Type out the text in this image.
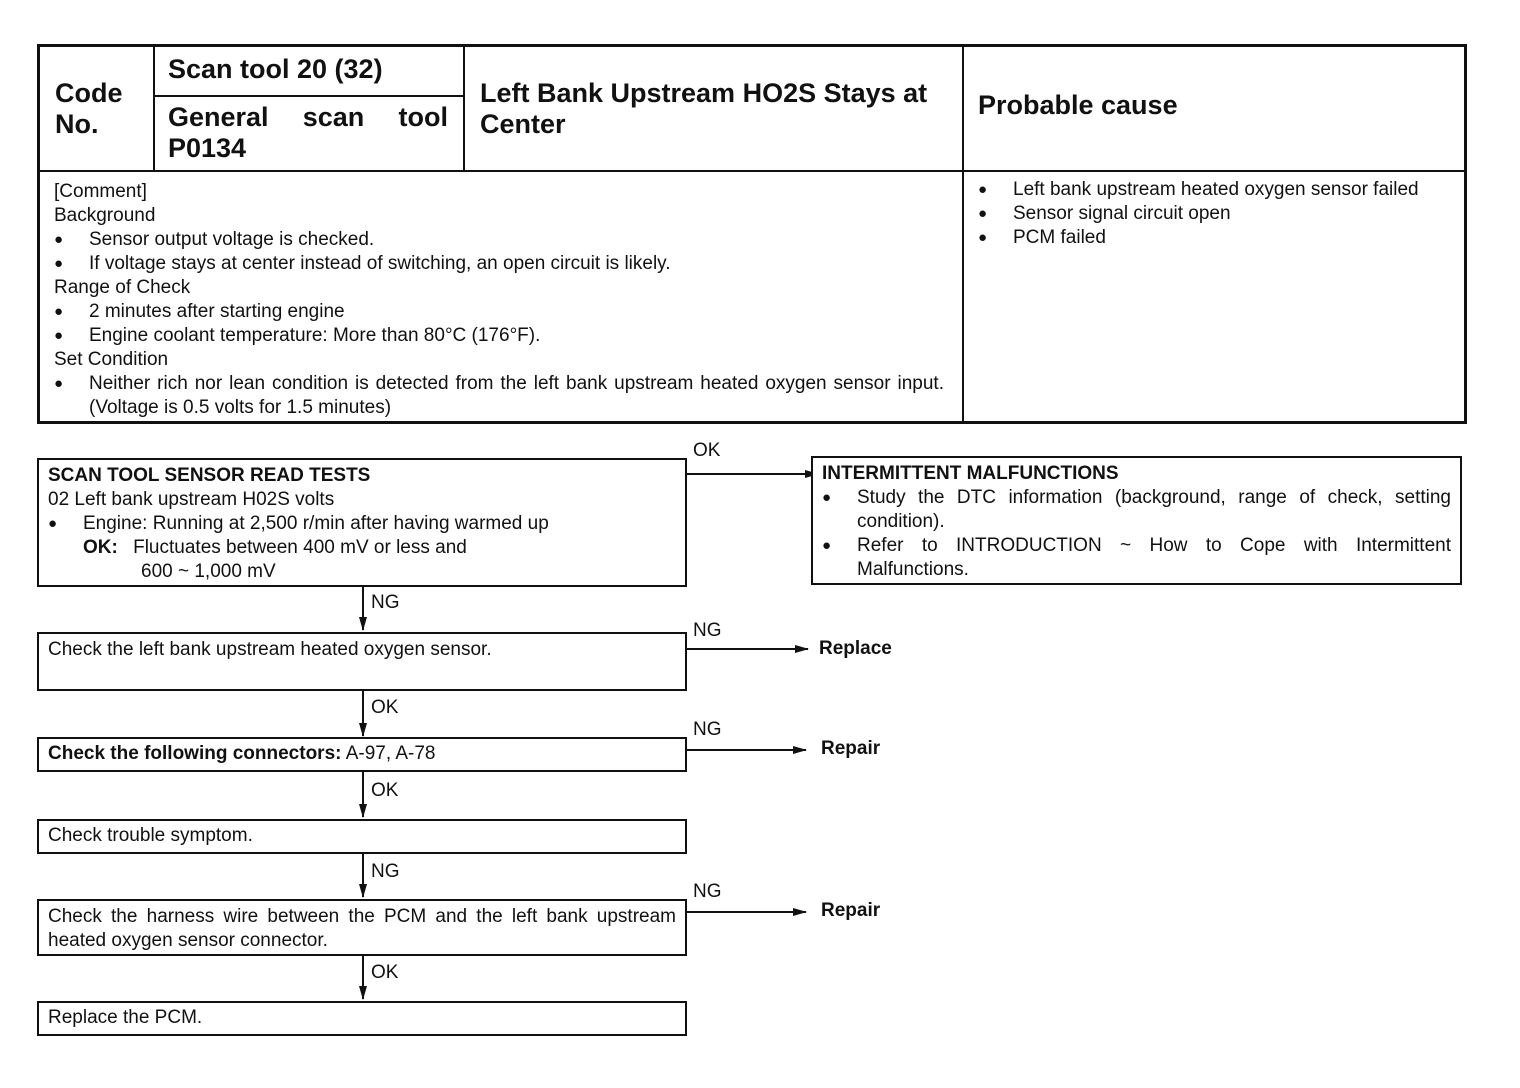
Code No.
Scan tool 20 (32)
General scan tool
P0134
Left Bank Upstream HO2S Stays at Center
Probable cause
[Comment]
Background
● Sensor output voltage is checked.
● If voltage stays at center instead of switching, an open circuit is likely.
Range of Check
● 2 minutes after starting engine
● Engine coolant temperature: More than 80°C (176°F).
Set Condition
● Neither rich nor lean condition is detected from the left bank upstream heated oxygen sensor input. (Voltage is 0.5 volts for 1.5 minutes)
● Left bank upstream heated oxygen sensor failed
● Sensor signal circuit open
● PCM failed
OK
NG
NG
OK
NG
OK
NG
NG
OK
SCAN TOOL SENSOR READ TESTS
02 Left bank upstream H02S volts
● Engine: Running at 2,500 r/min after having warmed up
OK: Fluctuates between 400 mV or less and
600 ~ 1,000 mV
INTERMITTENT MALFUNCTIONS
● Study the DTC information (background, range of check, setting condition).
● Refer to INTRODUCTION ~ How to Cope with Intermittent Malfunctions.
Check the left bank upstream heated oxygen sensor.	Replace
Check the following connectors: A-97, A-78	Repair
Check trouble symptom.
Check the harness wire between the PCM and the left bank upstream heated oxygen sensor connector.
Repair
Replace the PCM.
